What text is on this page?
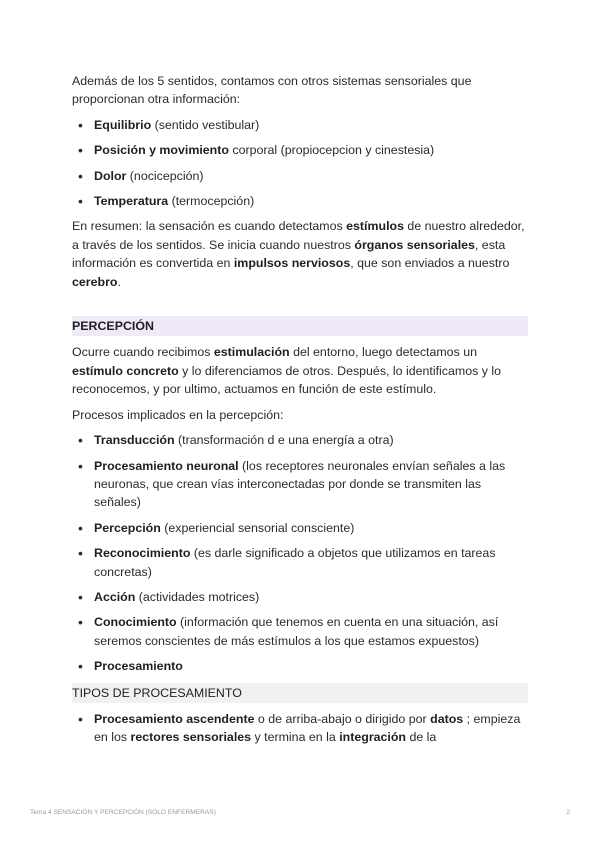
Además de los 5 sentidos, contamos con otros sistemas sensoriales que proporcionan otra información:

• Equilibrio (sentido vestibular)
• Posición y movimiento corporal (propiocepcion y cinestesia)
• Dolor (nocicepción)
• Temperatura (termocepción)

En resumen: la sensación es cuando detectamos estímulos de nuestro alrededor, a través de los sentidos. Se inicia cuando nuestros órganos sensoriales, esta información es convertida en impulsos nerviosos, que son enviados a nuestro cerebro.

PERCEPCIÓN

Ocurre cuando recibimos estimulación del entorno, luego detectamos un estímulo concreto y lo diferenciamos de otros. Después, lo identificamos y lo reconocemos, y por ultimo, actuamos en función de este estímulo.

Procesos implicados en la percepción:

• Transducción (transformación d e una energía a otra)
• Procesamiento neuronal (los receptores neuronales envían señales a las neuronas, que crean vías interconectadas por donde se transmiten las señales)
• Percepción (experiencial sensorial consciente)
• Reconocimiento (es darle significado a objetos que utilizamos en tareas concretas)
• Acción (actividades motrices)
• Conocimiento (información que tenemos en cuenta en una situación, así seremos conscientes de más estímulos a los que estamos expuestos)
• Procesamiento
TIPOS DE PROCESAMIENTO
• Procesamiento ascendente o de arriba-abajo o dirigido por datos ; empieza en los rectores sensoriales y termina en la integración de la
Tema 4 SENSACIÓN Y PERCEPCIÓN (SOLO ENFERMERAS)	2
